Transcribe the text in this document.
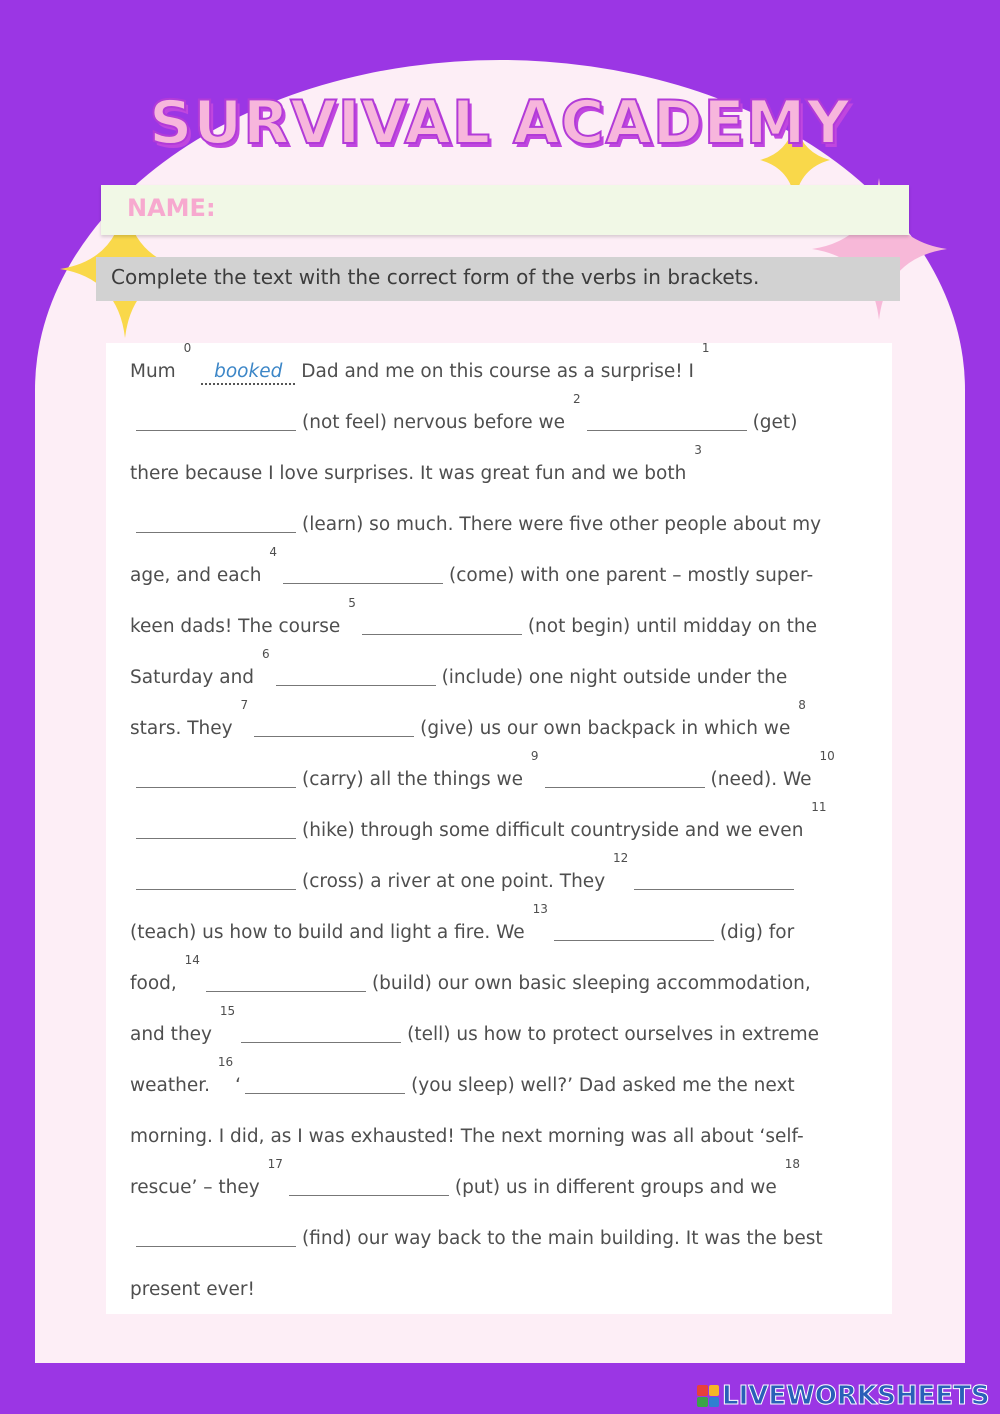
SURVIVAL ACADEMY
NAME:
Complete the text with the correct form of the verbs in brackets.
Mum $^0$booked Dad and me on this course as a surprise! I $^1$
(not feel) nervous before we $^2$(get)
there because I love surprises. It was great fun and we both $^3$
(learn) so much. There were five other people about my
age, and each $^4$(come) with one parent – mostly super-
keen dads! The course $^5$(not begin) until midday on the
Saturday and $^6$(include) one night outside under the
stars. They $^7$(give) us our own backpack in which we $^8$
(carry) all the things we $^9$(need). We $^{10}$
(hike) through some difficult countryside and we even $^{11}$
(cross) a river at one point. They $^{12}$
(teach) us how to build and light a fire. We $^{13}$(dig) for
food, $^{14}$(build) our own basic sleeping accommodation,
and they $^{15}$(tell) us how to protect ourselves in extreme
weather. $^{16}$‘	(you sleep) well?’ Dad asked me the next
morning. I did, as I was exhausted! The next morning was all about ‘self-
rescue’ – they $^{17}$(put) us in different groups and we $^{18}$
(find) our way back to the main building. It was the best
present ever!
LIVEWORKSHEETS
